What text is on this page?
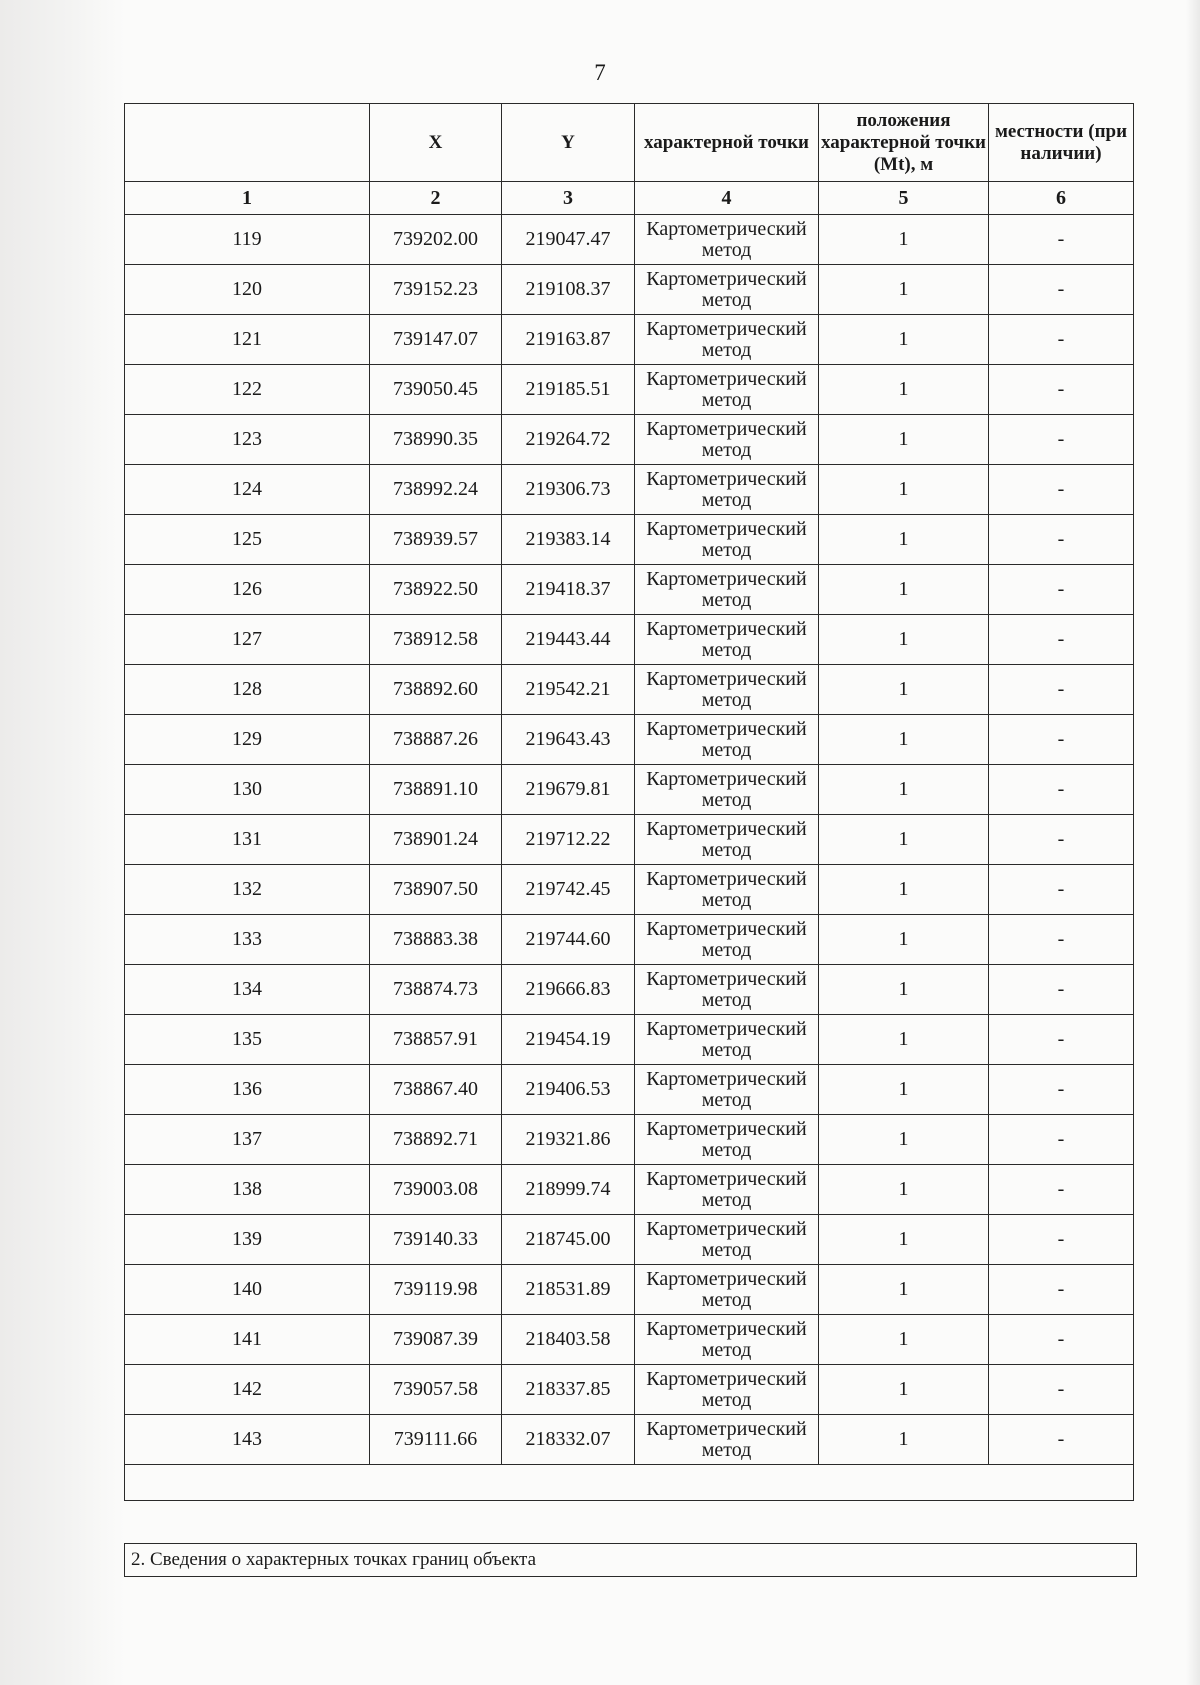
7
	X	Y	характерной точки	положения характерной точки (Mt), м	местности (при наличии)
1	2	3	4	5	6
119	739202.00	219047.47	Картометрический метод	1	-
120	739152.23	219108.37	Картометрический метод	1	-
121	739147.07	219163.87	Картометрический метод	1	-
122	739050.45	219185.51	Картометрический метод	1	-
123	738990.35	219264.72	Картометрический метод	1	-
124	738992.24	219306.73	Картометрический метод	1	-
125	738939.57	219383.14	Картометрический метод	1	-
126	738922.50	219418.37	Картометрический метод	1	-
127	738912.58	219443.44	Картометрический метод	1	-
128	738892.60	219542.21	Картометрический метод	1	-
129	738887.26	219643.43	Картометрический метод	1	-
130	738891.10	219679.81	Картометрический метод	1	-
131	738901.24	219712.22	Картометрический метод	1	-
132	738907.50	219742.45	Картометрический метод	1	-
133	738883.38	219744.60	Картометрический метод	1	-
134	738874.73	219666.83	Картометрический метод	1	-
135	738857.91	219454.19	Картометрический метод	1	-
136	738867.40	219406.53	Картометрический метод	1	-
137	738892.71	219321.86	Картометрический метод	1	-
138	739003.08	218999.74	Картометрический метод	1	-
139	739140.33	218745.00	Картометрический метод	1	-
140	739119.98	218531.89	Картометрический метод	1	-
141	739087.39	218403.58	Картометрический метод	1	-
142	739057.58	218337.85	Картометрический метод	1	-
143	739111.66	218332.07	Картометрический метод	1	-

2. Сведения о характерных точках границ объекта
